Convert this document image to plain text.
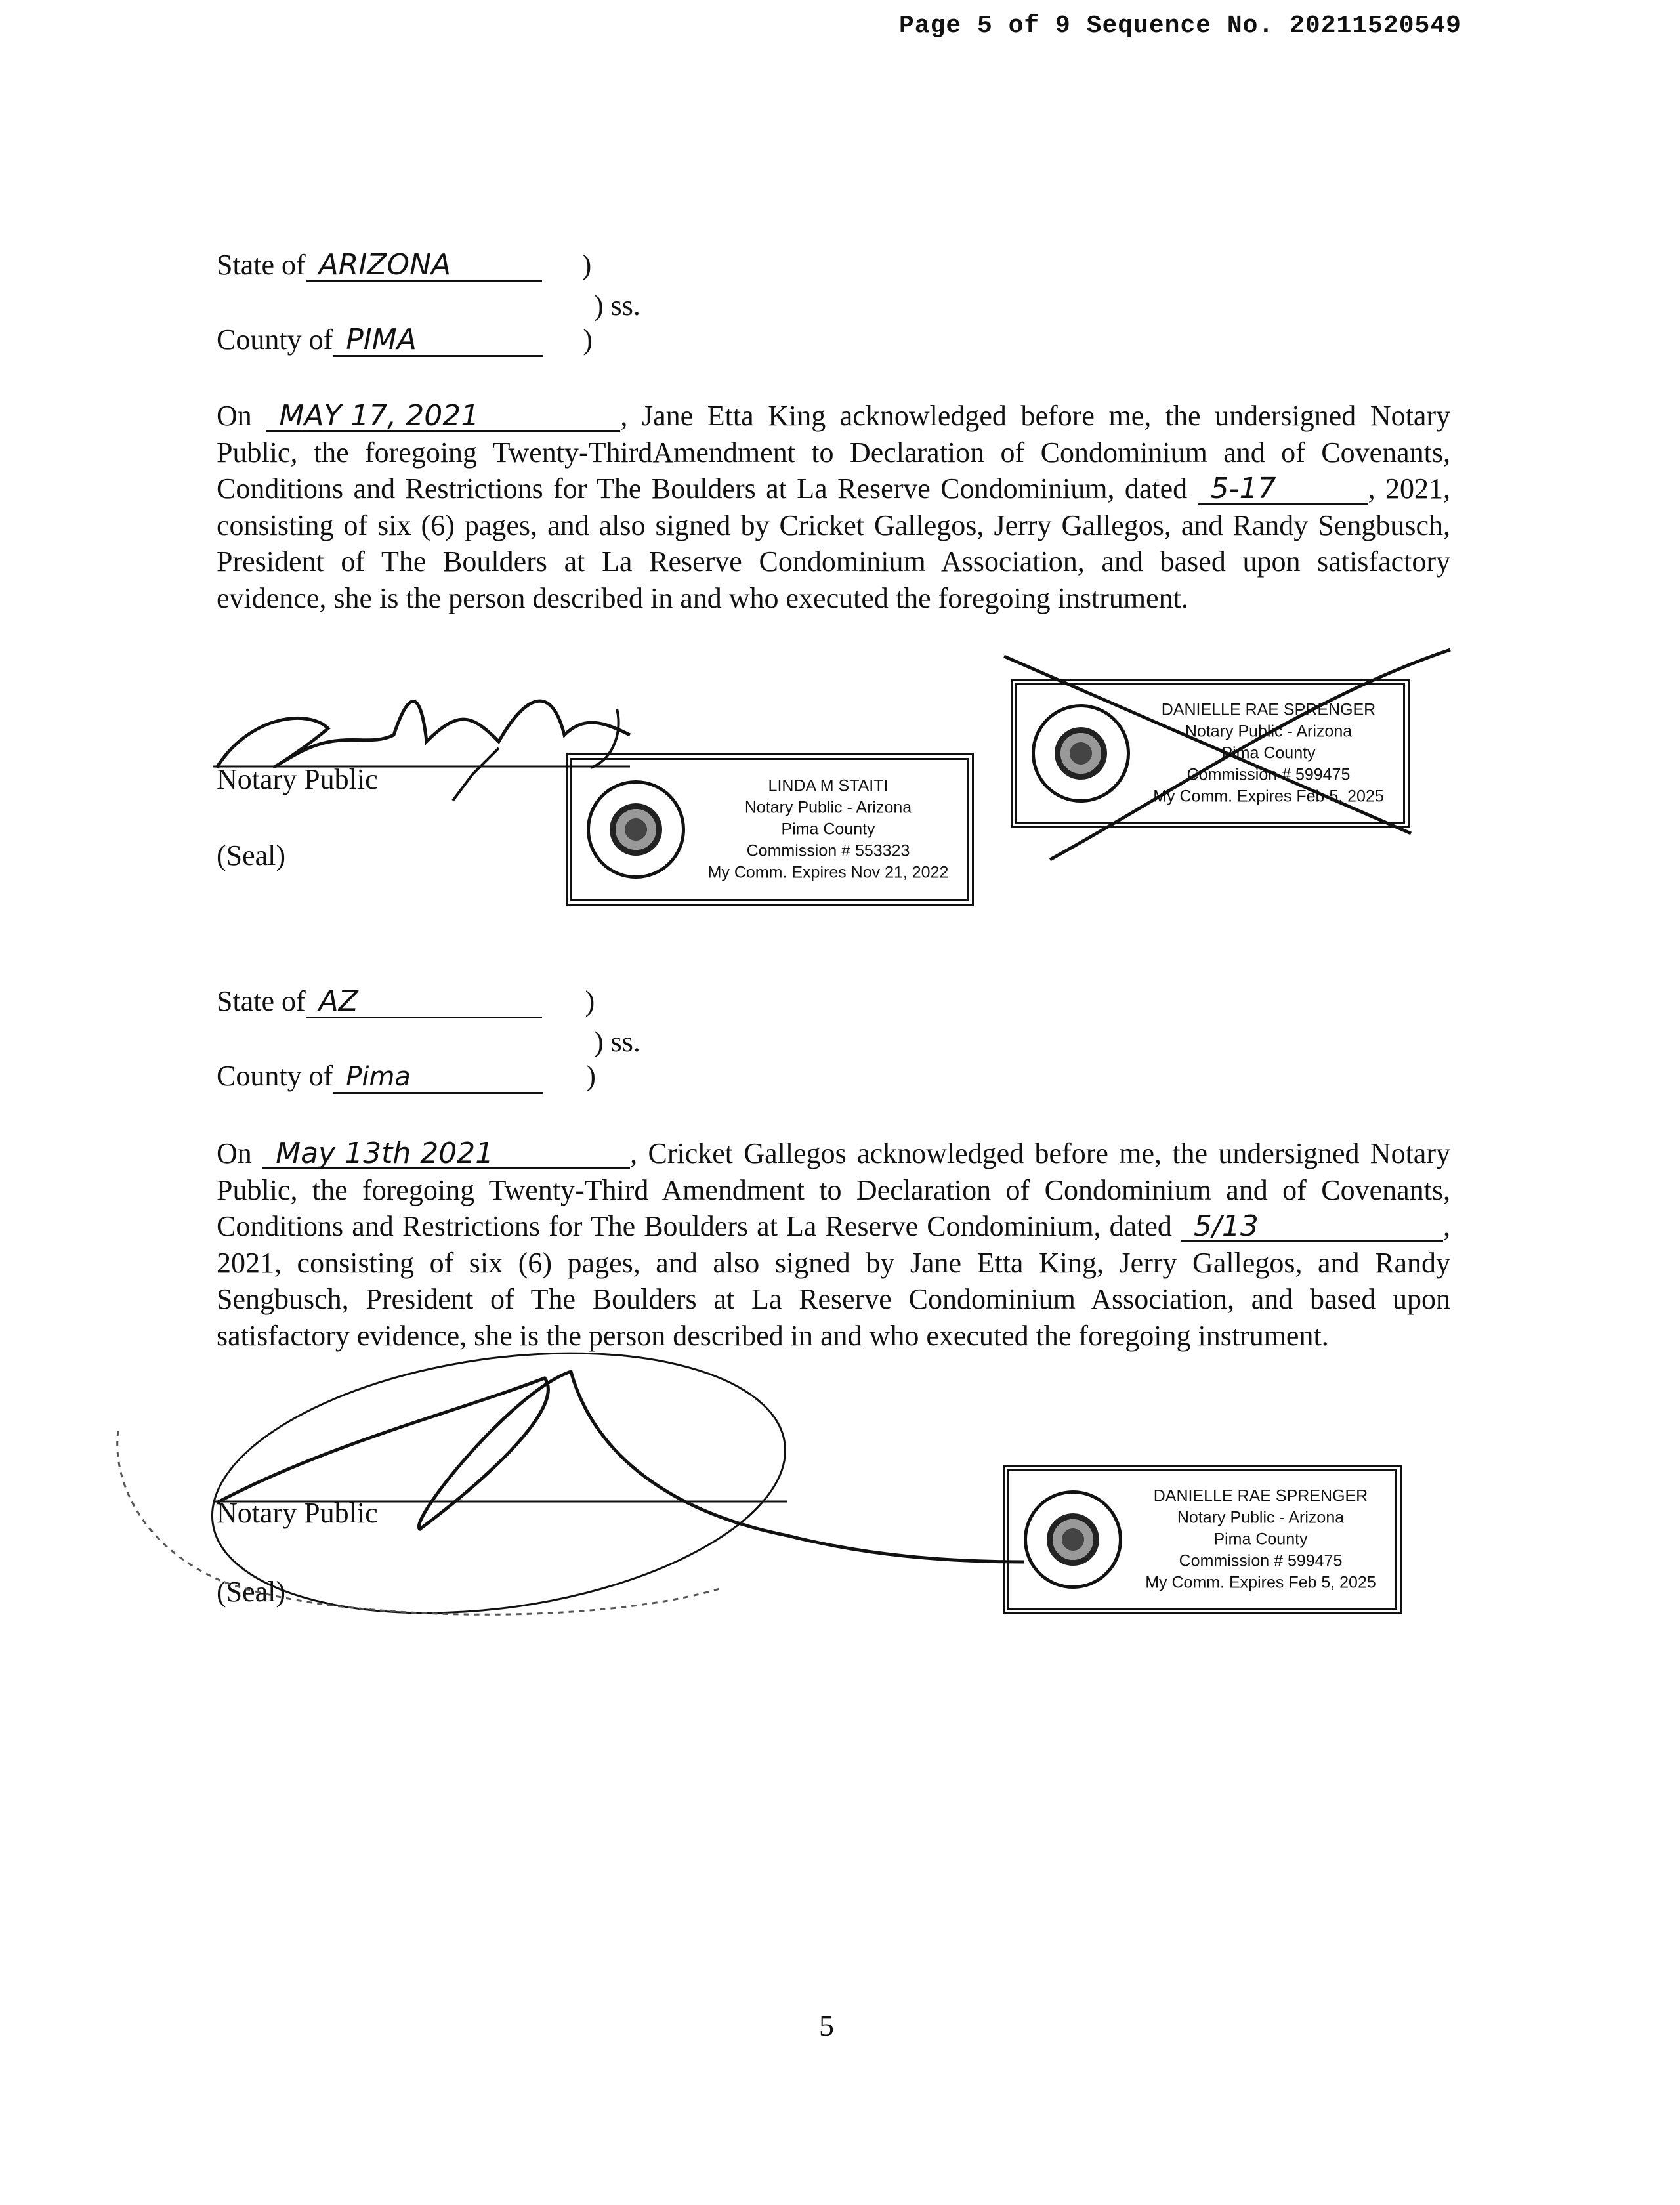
Page 5 of 9 Sequence No. 20211520549
State of ARIZONA	)
) ss.
County of PIMA	)
On MAY 17, 2021	, Jane Etta King acknowledged before me, the undersigned Notary Public, the foregoing Twenty-ThirdAmendment to Declaration of Condominium and of Covenants, Conditions and Restrictions for The Boulders at La Reserve Condominium, dated 5-17	, 2021, consisting of six (6) pages, and also signed by Cricket Gallegos, Jerry Gallegos, and Randy Sengbusch, President of The Boulders at La Reserve Condominium Association, and based upon satisfactory evidence, she is the person described in and who executed the foregoing instrument.
Notary Public
(Seal)
LINDA M STAITI
Notary Public - Arizona
Pima County
Commission # 553323
My Comm. Expires Nov 21, 2022
DANIELLE RAE SPRENGER
Notary Public - Arizona
Pima County
Commission # 599475
My Comm. Expires Feb 5, 2025
State of AZ	)
) ss.
County of Pima	)
On May 13th 2021	, Cricket Gallegos acknowledged before me, the undersigned Notary Public, the foregoing Twenty-Third Amendment to Declaration of Condominium and of Covenants, Conditions and Restrictions for The Boulders at La Reserve Condominium, dated 5/13	, 2021, consisting of six (6) pages, and also signed by Jane Etta King, Jerry Gallegos, and Randy Sengbusch, President of The Boulders at La Reserve Condominium Association, and based upon satisfactory evidence, she is the person described in and who executed the foregoing instrument.
Notary Public
(Seal)
DANIELLE RAE SPRENGER
Notary Public - Arizona
Pima County
Commission # 599475
My Comm. Expires Feb 5, 2025
5
